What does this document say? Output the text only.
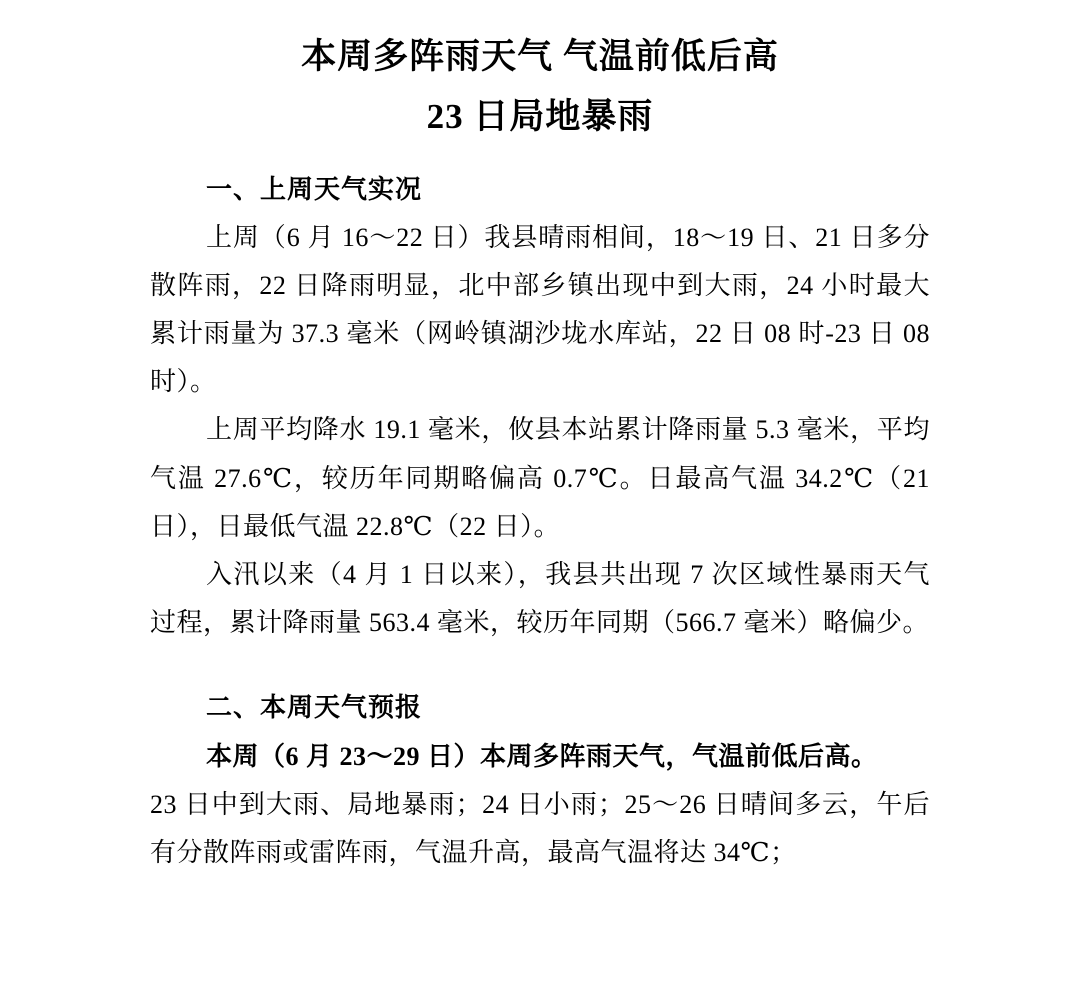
本周多阵雨天气 气温前低后高
23 日局地暴雨
一、上周天气实况

上周（6 月 16～22 日）我县晴雨相间，18～19 日、21 日多分散阵雨，22 日降雨明显，北中部乡镇出现中到大雨，24 小时最大累计雨量为 37.3 毫米（网岭镇湖沙垅水库站，22 日 08 时-23 日 08 时）。

上周平均降水 19.1 毫米，攸县本站累计降雨量 5.3 毫米，平均气温 27.6℃，较历年同期略偏高 0.7℃。日最高气温 34.2℃（21 日），日最低气温 22.8℃（22 日）。

入汛以来（4 月 1 日以来），我县共出现 7 次区域性暴雨天气过程，累计降雨量 563.4 毫米，较历年同期（566.7 毫米）略偏少。

二、本周天气预报

本周（6 月 23～29 日）本周多阵雨天气，气温前低后高。

23 日中到大雨、局地暴雨；24 日小雨；25～26 日晴间多云，午后有分散阵雨或雷阵雨，气温升高，最高气温将达 34℃；
